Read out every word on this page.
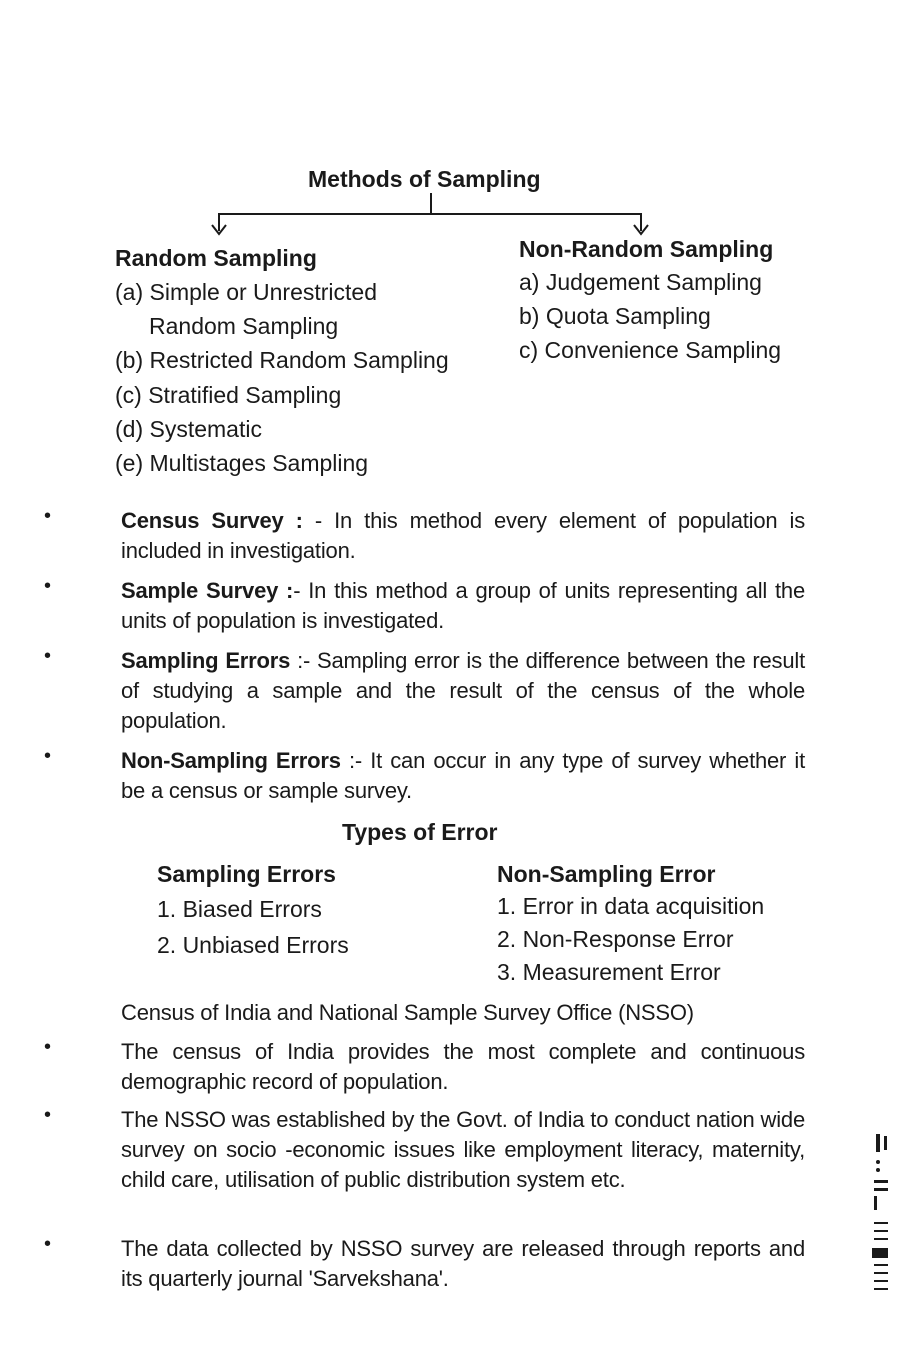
Methods of Sampling
Random Sampling
(a) Simple or Unrestricted
Random Sampling
(b) Restricted Random Sampling
(c) Stratified Sampling
(d) Systematic
(e) Multistages Sampling
Non-Random Sampling
a) Judgement Sampling
b) Quota Sampling
c) Convenience Sampling
•	Census Survey : - In this method every element of population is included in investigation.
•	Sample Survey :- In this method a group of units representing all the units of population is investigated.
•	Sampling Errors :- Sampling error is the difference between the result of studying a sample and the result of the census of the whole population.
•	Non-Sampling Errors :- It can occur in any type of survey whether it be a census or sample survey.
Types of Error
Sampling Errors
1. Biased Errors
2. Unbiased Errors
Non-Sampling Error
1. Error in data acquisition
2. Non-Response Error
3. Measurement Error
Census of India and National Sample Survey Office (NSSO)
•	The census of India provides the most complete and continuous demographic record of population.
•	The NSSO was established by the Govt. of India to conduct nation wide survey on socio -economic issues like employment literacy, maternity, child care, utilisation of public distribution system etc.
•	The data collected by NSSO survey are released through reports and its quarterly journal 'Sarvekshana'.
